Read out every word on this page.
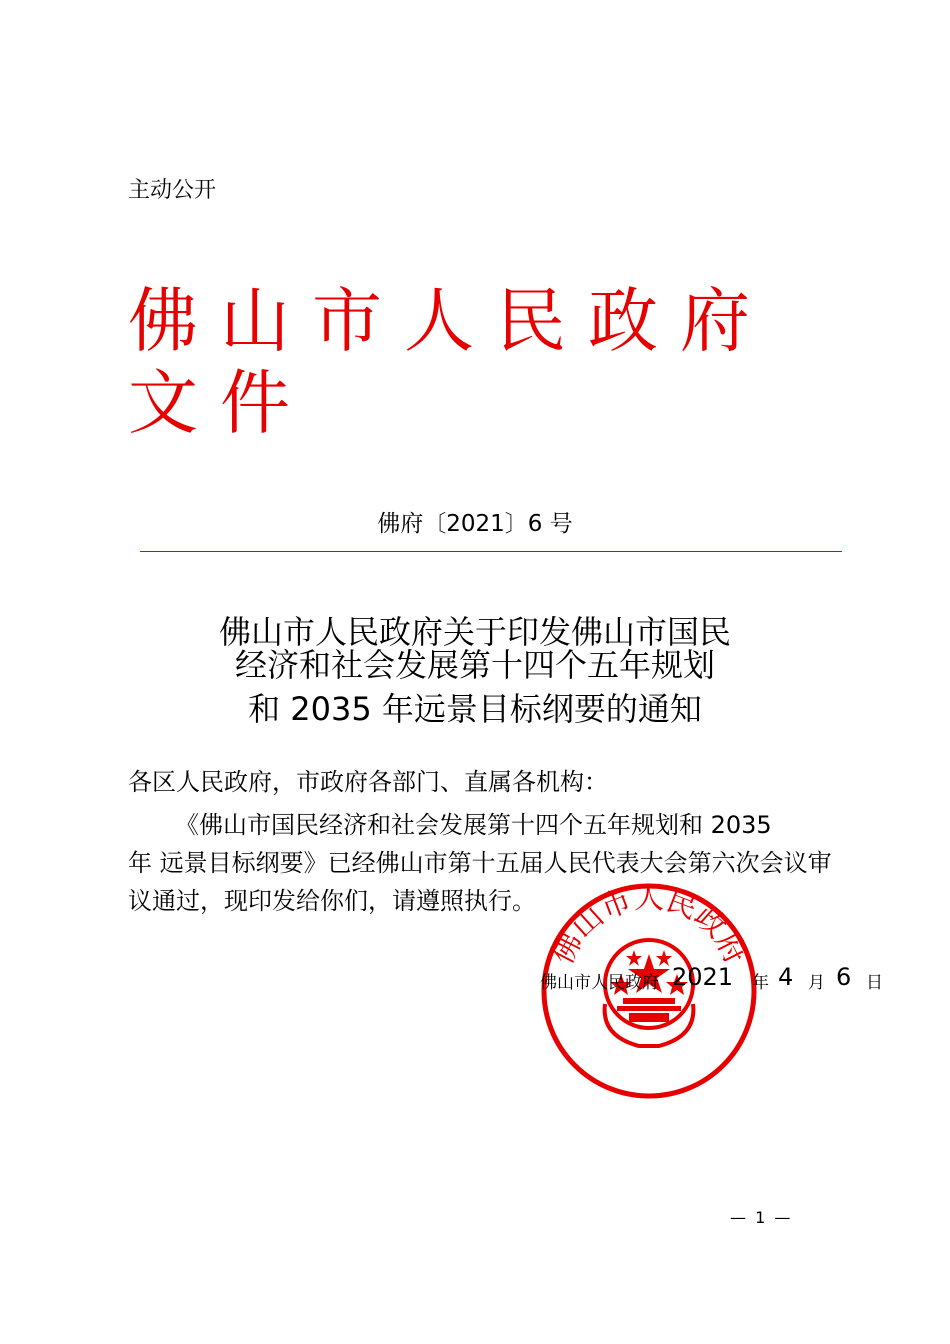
主动公开
佛山市人民政府文件
佛府〔2021〕6 号
佛山市人民政府关于印发佛山市国民
经济和社会发展第十四个五年规划
和 2035 年远景目标纲要的通知
各区人民政府，市政府各部门、直属各机构：
《佛山市国民经济和社会发展第十四个五年规划和 2035
年 远景目标纲要》已经佛山市第十五届人民代表大会第六次会议审
议通过，现印发给你们，请遵照执行。
佛山市人民政府
佛山市人民政府 2021 年 4 月 6 日
— 1 —
